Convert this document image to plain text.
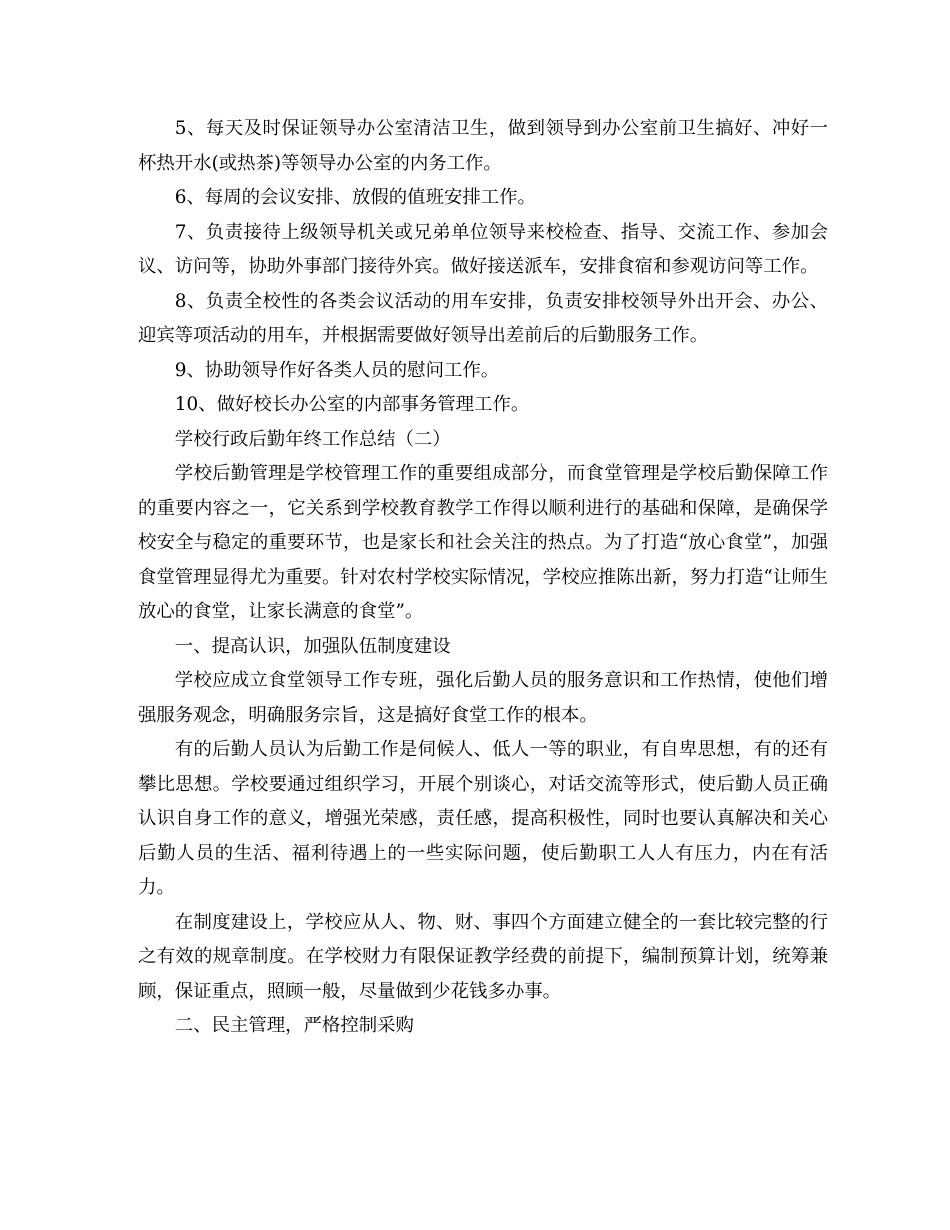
5、每天及时保证领导办公室清洁卫生，做到领导到办公室前卫生搞好、冲好一杯热开水(或热茶)等领导办公室的内务工作。

6、每周的会议安排、放假的值班安排工作。

7、负责接待上级领导机关或兄弟单位领导来校检查、指导、交流工作、参加会议、访问等，协助外事部门接待外宾。做好接送派车，安排食宿和参观访问等工作。

8、负责全校性的各类会议活动的用车安排，负责安排校领导外出开会、办公、迎宾等项活动的用车，并根据需要做好领导出差前后的后勤服务工作。

9、协助领导作好各类人员的慰问工作。

10、做好校长办公室的内部事务管理工作。

学校行政后勤年终工作总结（二）

学校后勤管理是学校管理工作的重要组成部分，而食堂管理是学校后勤保障工作的重要内容之一，它关系到学校教育教学工作得以顺利进行的基础和保障，是确保学校安全与稳定的重要环节，也是家长和社会关注的热点。为了打造“放心食堂”，加强食堂管理显得尤为重要。针对农村学校实际情况，学校应推陈出新，努力打造“让师生放心的食堂，让家长满意的食堂”。

一、提高认识，加强队伍制度建设

学校应成立食堂领导工作专班，强化后勤人员的服务意识和工作热情，使他们增强服务观念，明确服务宗旨，这是搞好食堂工作的根本。

有的后勤人员认为后勤工作是伺候人、低人一等的职业，有自卑思想，有的还有攀比思想。学校要通过组织学习，开展个别谈心，对话交流等形式，使后勤人员正确认识自身工作的意义，增强光荣感，责任感，提高积极性，同时也要认真解决和关心后勤人员的生活、福利待遇上的一些实际问题，使后勤职工人人有压力，内在有活力。

在制度建设上，学校应从人、物、财、事四个方面建立健全的一套比较完整的行之有效的规章制度。在学校财力有限保证教学经费的前提下，编制预算计划，统筹兼顾，保证重点，照顾一般，尽量做到少花钱多办事。

二、民主管理，严格控制采购
